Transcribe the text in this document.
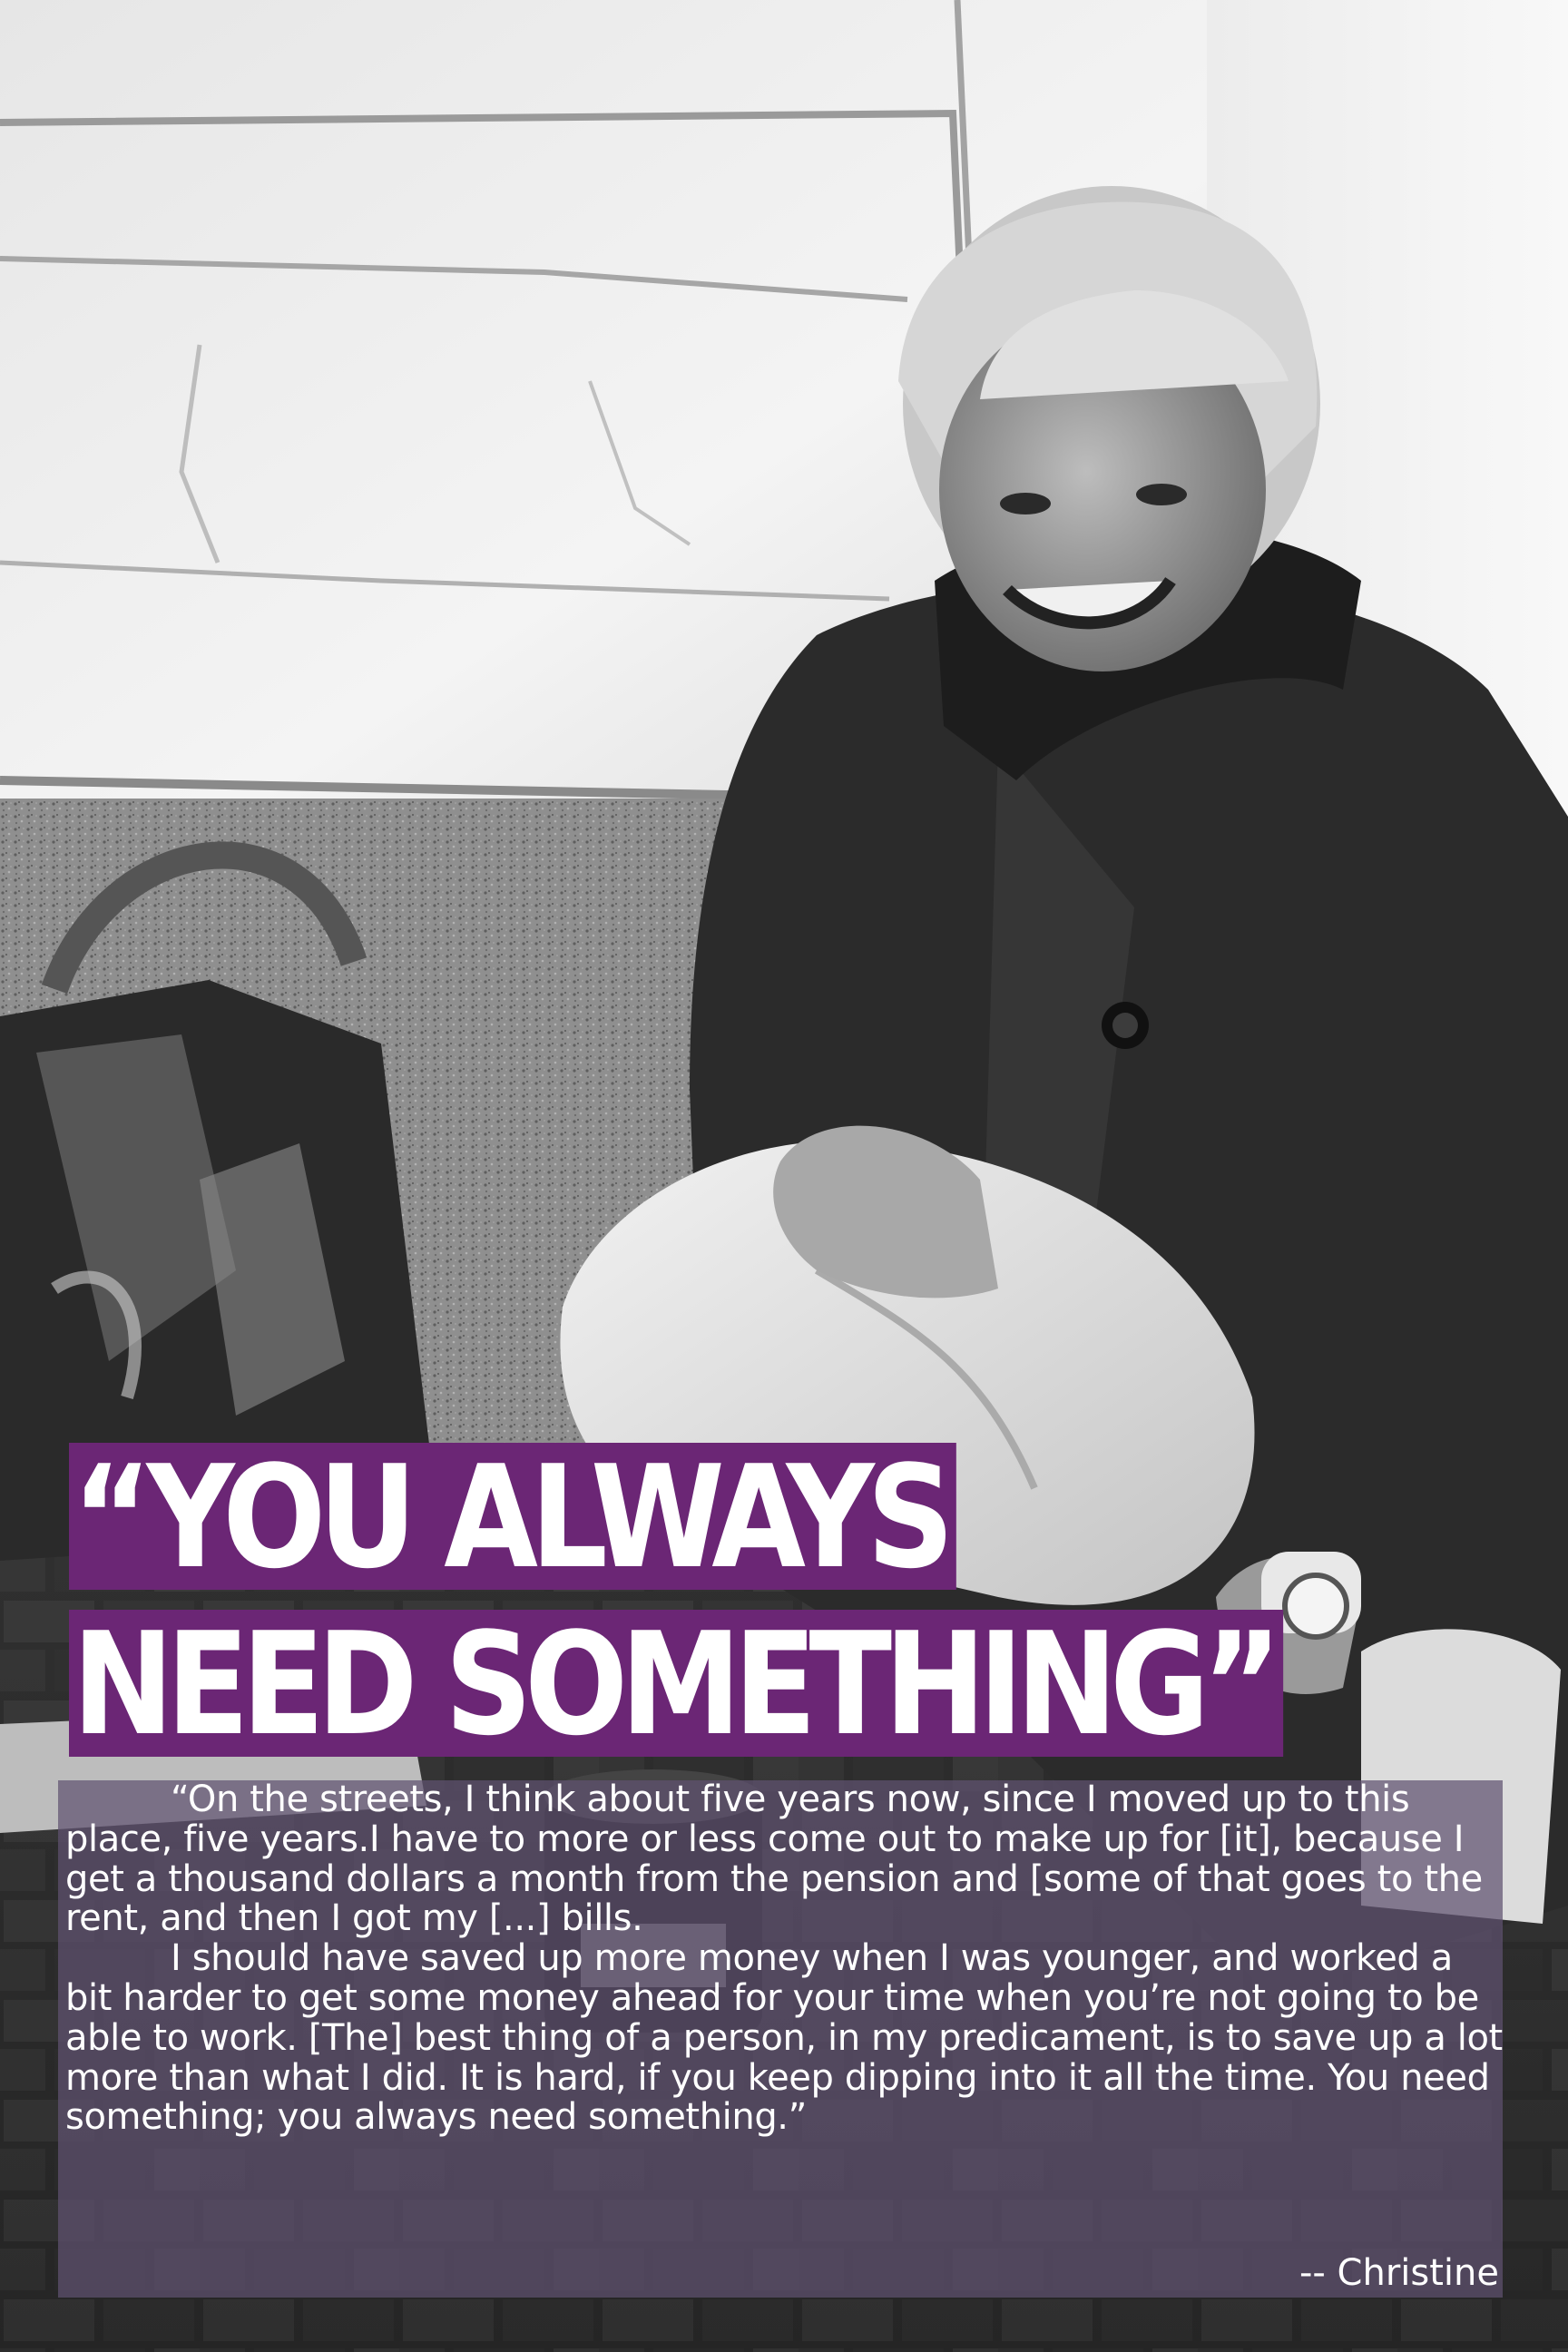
“YOU ALWAYS
NEED SOMETHING”

“On the streets, I think about five years now, since I moved up to this place, five years.I have to more or less come out to make up for [it], because I get a thousand dollars a month from the pension and [some of that goes to the rent, and then I got my [...] bills.

I should have saved up more money when I was younger, and worked a bit harder to get some money ahead for your time when you’re not going to be able to work. [The] best thing of a person, in my predicament, is to save up a lot more than what I did. It is hard, if you keep dipping into it all the time. You need something; you always need something.”

-- Christine
